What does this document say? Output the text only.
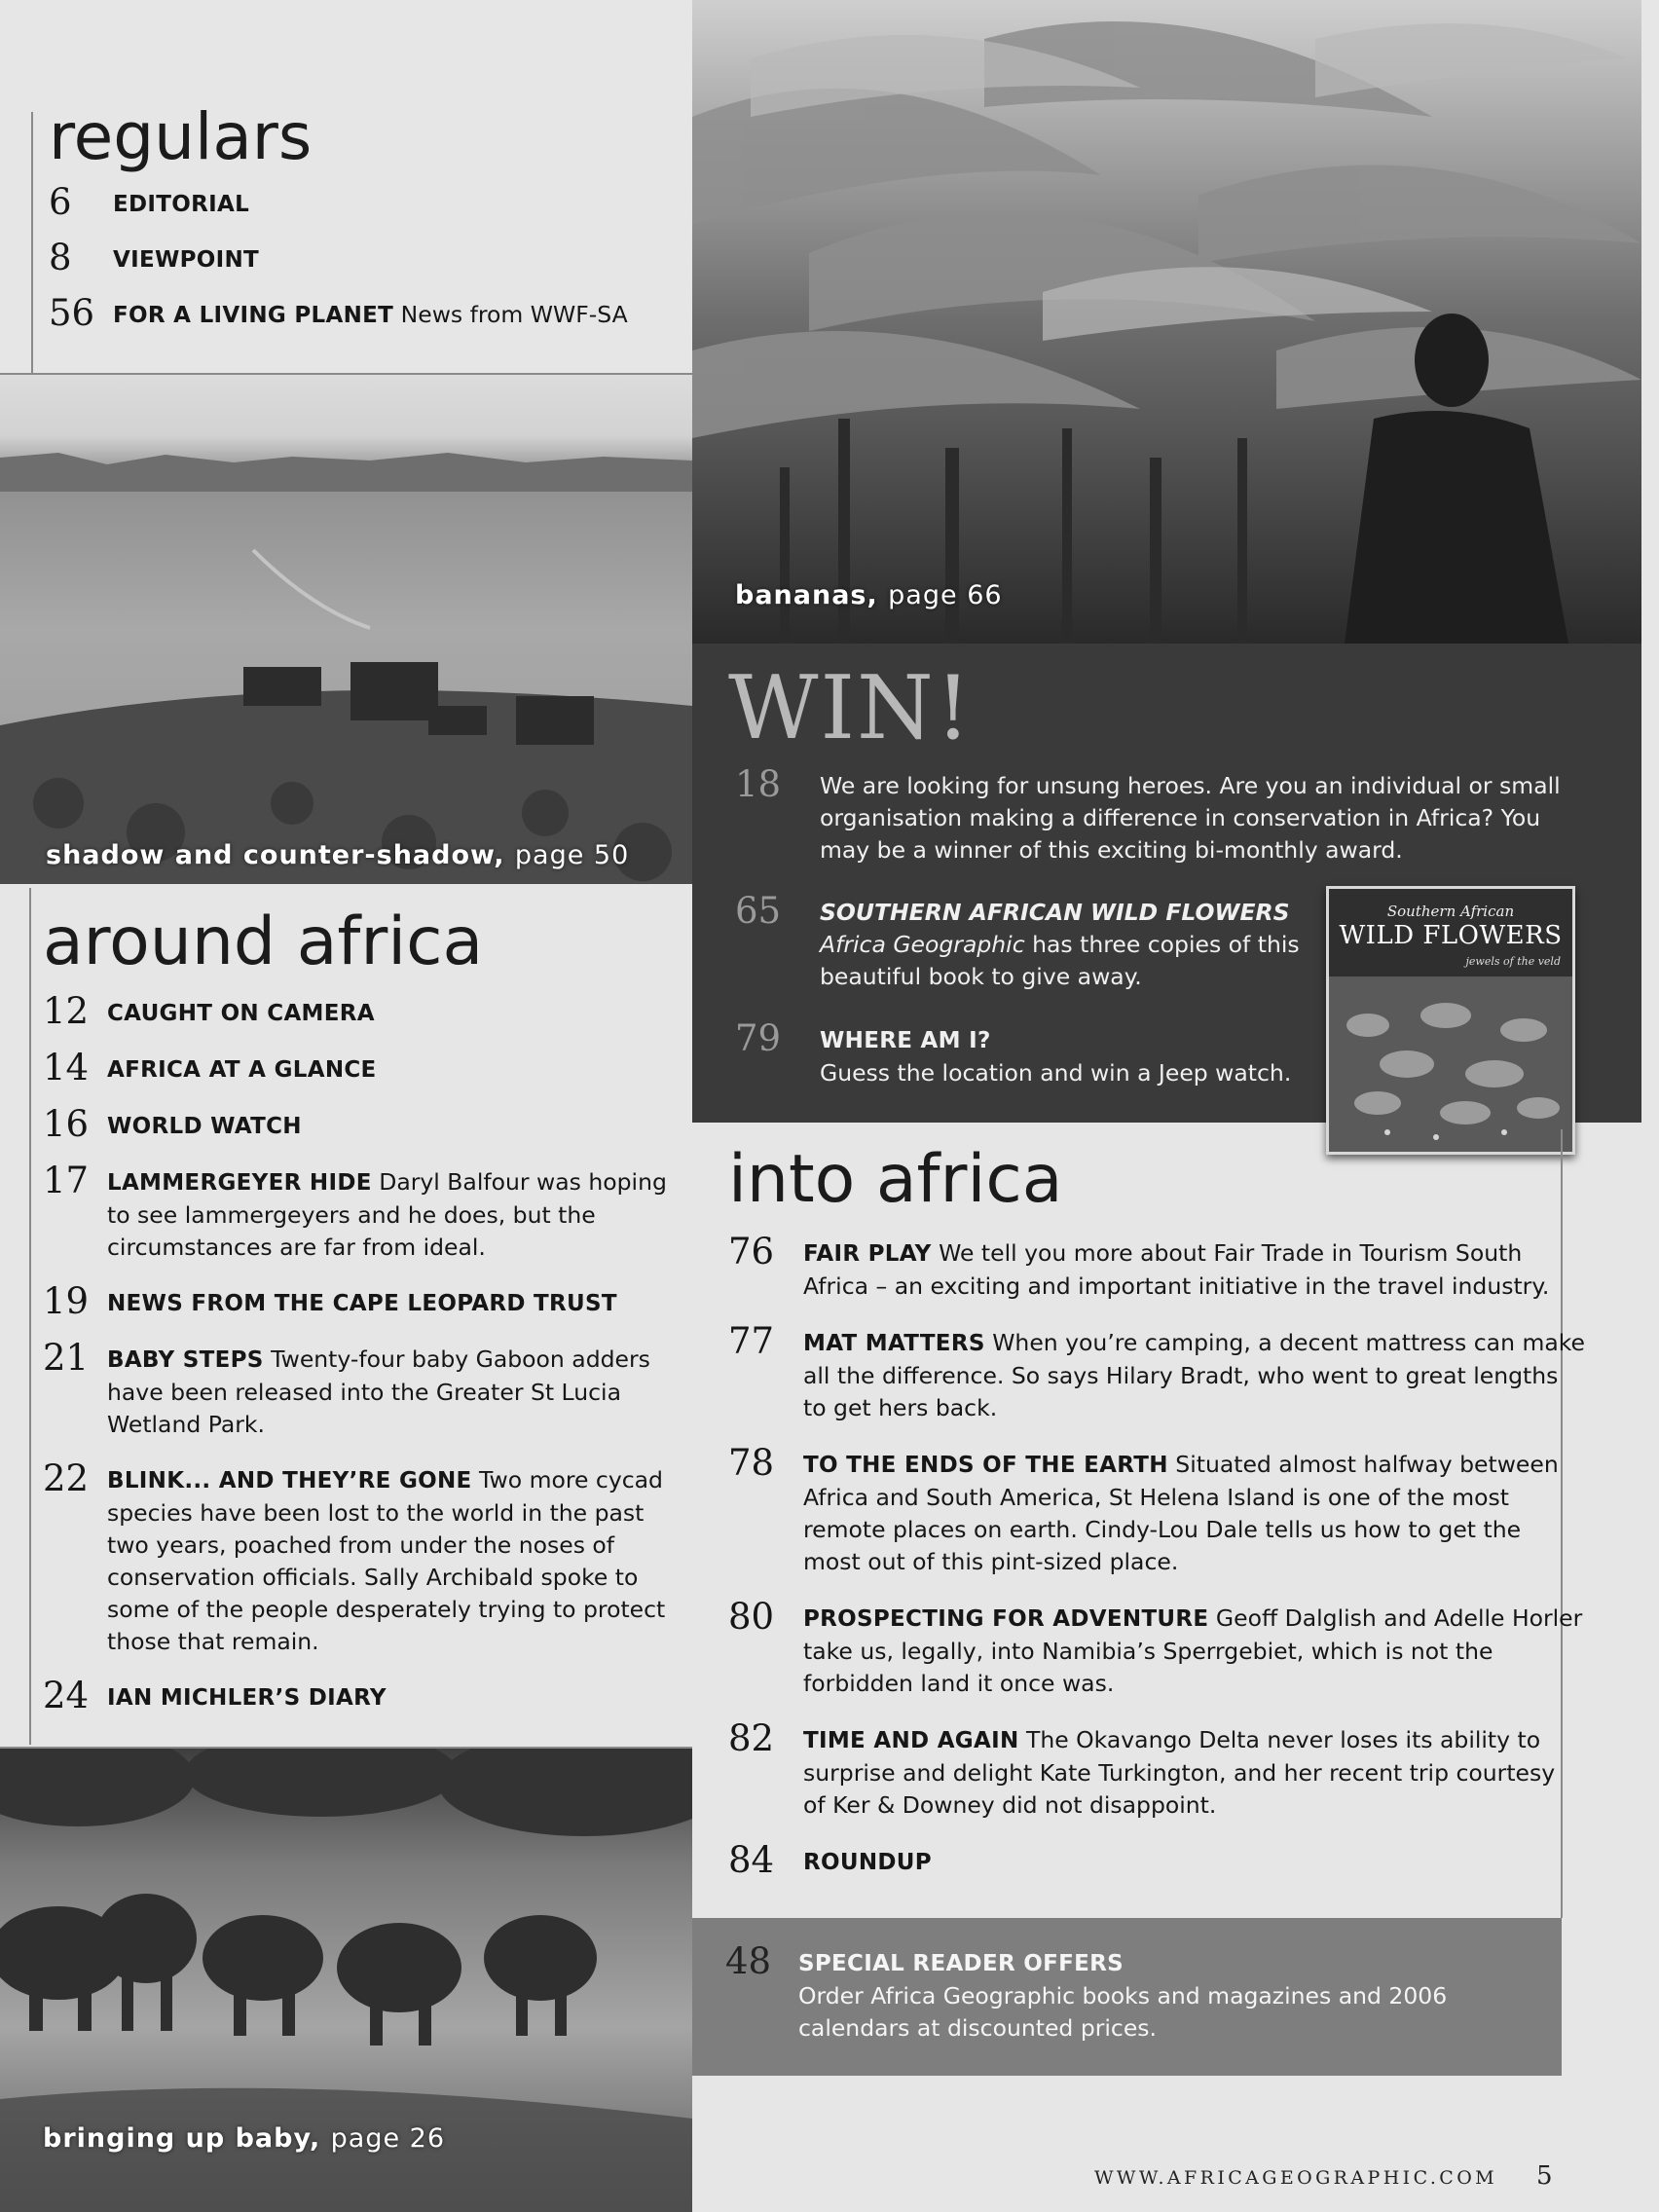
bananas, page 66
shadow and counter-shadow, page 50
bringing up baby, page 26
regulars
6 EDITORIAL
8 VIEWPOINT
56 FOR A LIVING PLANET News from WWF-SA
around africa
12 CAUGHT ON CAMERA
14 AFRICA AT A GLANCE
16 WORLD WATCH
17 LAMMERGEYER HIDE Daryl Balfour was hoping
to see lammergeyers and he does, but the
circumstances are far from ideal.
19 NEWS FROM THE CAPE LEOPARD TRUST
21 BABY STEPS Twenty-four baby Gaboon adders
have been released into the Greater St Lucia
Wetland Park.
22 BLINK... AND THEY’RE GONE Two more cycad
species have been lost to the world in the past
two years, poached from under the noses of
conservation officials. Sally Archibald spoke to
some of the people desperately trying to protect
those that remain.
24 IAN MICHLER’S DIARY
WIN!
18 We are looking for unsung heroes. Are you an individual or small
organisation making a difference in conservation in Africa? You
may be a winner of this exciting bi-monthly award.
65 SOUTHERN AFRICAN WILD FLOWERS
Africa Geographic has three copies of this
beautiful book to give away.
79 WHERE AM I?
Guess the location and win a Jeep watch.
Southern African
WILD FLOWERS
jewels of the veld
into africa
76 FAIR PLAY We tell you more about Fair Trade in Tourism South
Africa – an exciting and important initiative in the travel industry.
77 MAT MATTERS When you’re camping, a decent mattress can make
all the difference. So says Hilary Bradt, who went to great lengths
to get hers back.
78 TO THE ENDS OF THE EARTH Situated almost halfway between
Africa and South America, St Helena Island is one of the most
remote places on earth. Cindy-Lou Dale tells us how to get the
most out of this pint-sized place.
80 PROSPECTING FOR ADVENTURE Geoff Dalglish and Adelle Horler
take us, legally, into Namibia’s Sperrgebiet, which is not the
forbidden land it once was.
82 TIME AND AGAIN The Okavango Delta never loses its ability to
surprise and delight Kate Turkington, and her recent trip courtesy
of Ker & Downey did not disappoint.
84 ROUNDUP
48 SPECIAL READER OFFERS
Order Africa Geographic books and magazines and 2006
calendars at discounted prices.
WWW.AFRICAGEOGRAPHIC.COM 5
